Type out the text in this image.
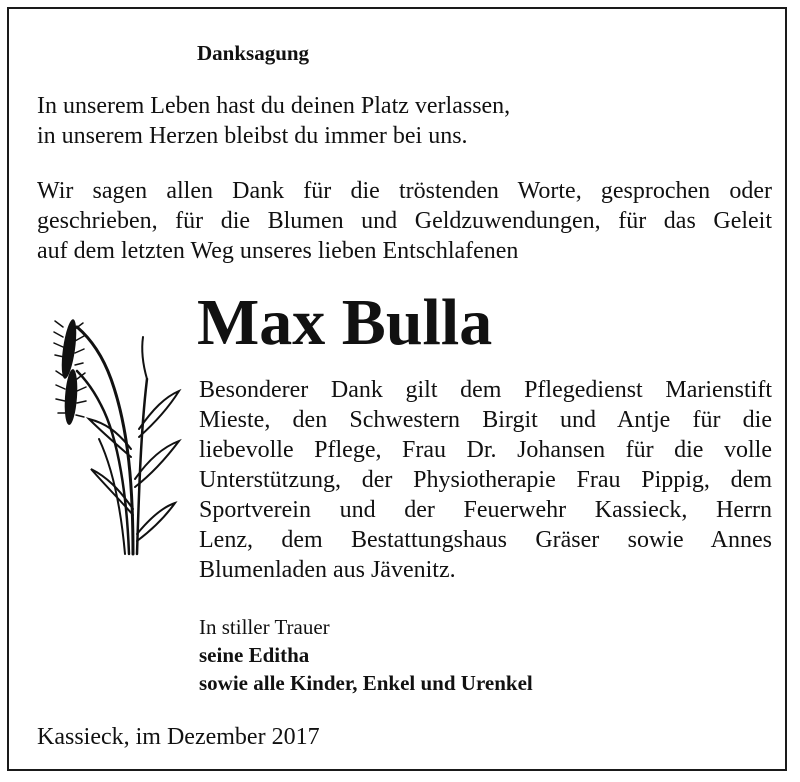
Danksagung
In unserem Leben hast du deinen Platz verlassen,
in unserem Herzen bleibst du immer bei uns.
Wir sagen allen Dank für die tröstenden Worte, gesprochen oder
geschrieben, für die Blumen und Geldzuwendungen, für das Geleit
auf dem letzten Weg unseres lieben Entschlafenen
Max Bulla
Besonderer Dank gilt dem Pflegedienst Marienstift
Mieste, den Schwestern Birgit und Antje für die
liebevolle Pflege, Frau Dr. Johansen für die volle
Unterstützung, der Physiotherapie Frau Pippig, dem
Sportverein und der Feuerwehr Kassieck, Herrn
Lenz, dem Bestattungshaus Gräser sowie Annes
Blumenladen aus Jävenitz.
In stiller Trauer
seine Editha
sowie alle Kinder, Enkel und Urenkel
Kassieck, im Dezember 2017
